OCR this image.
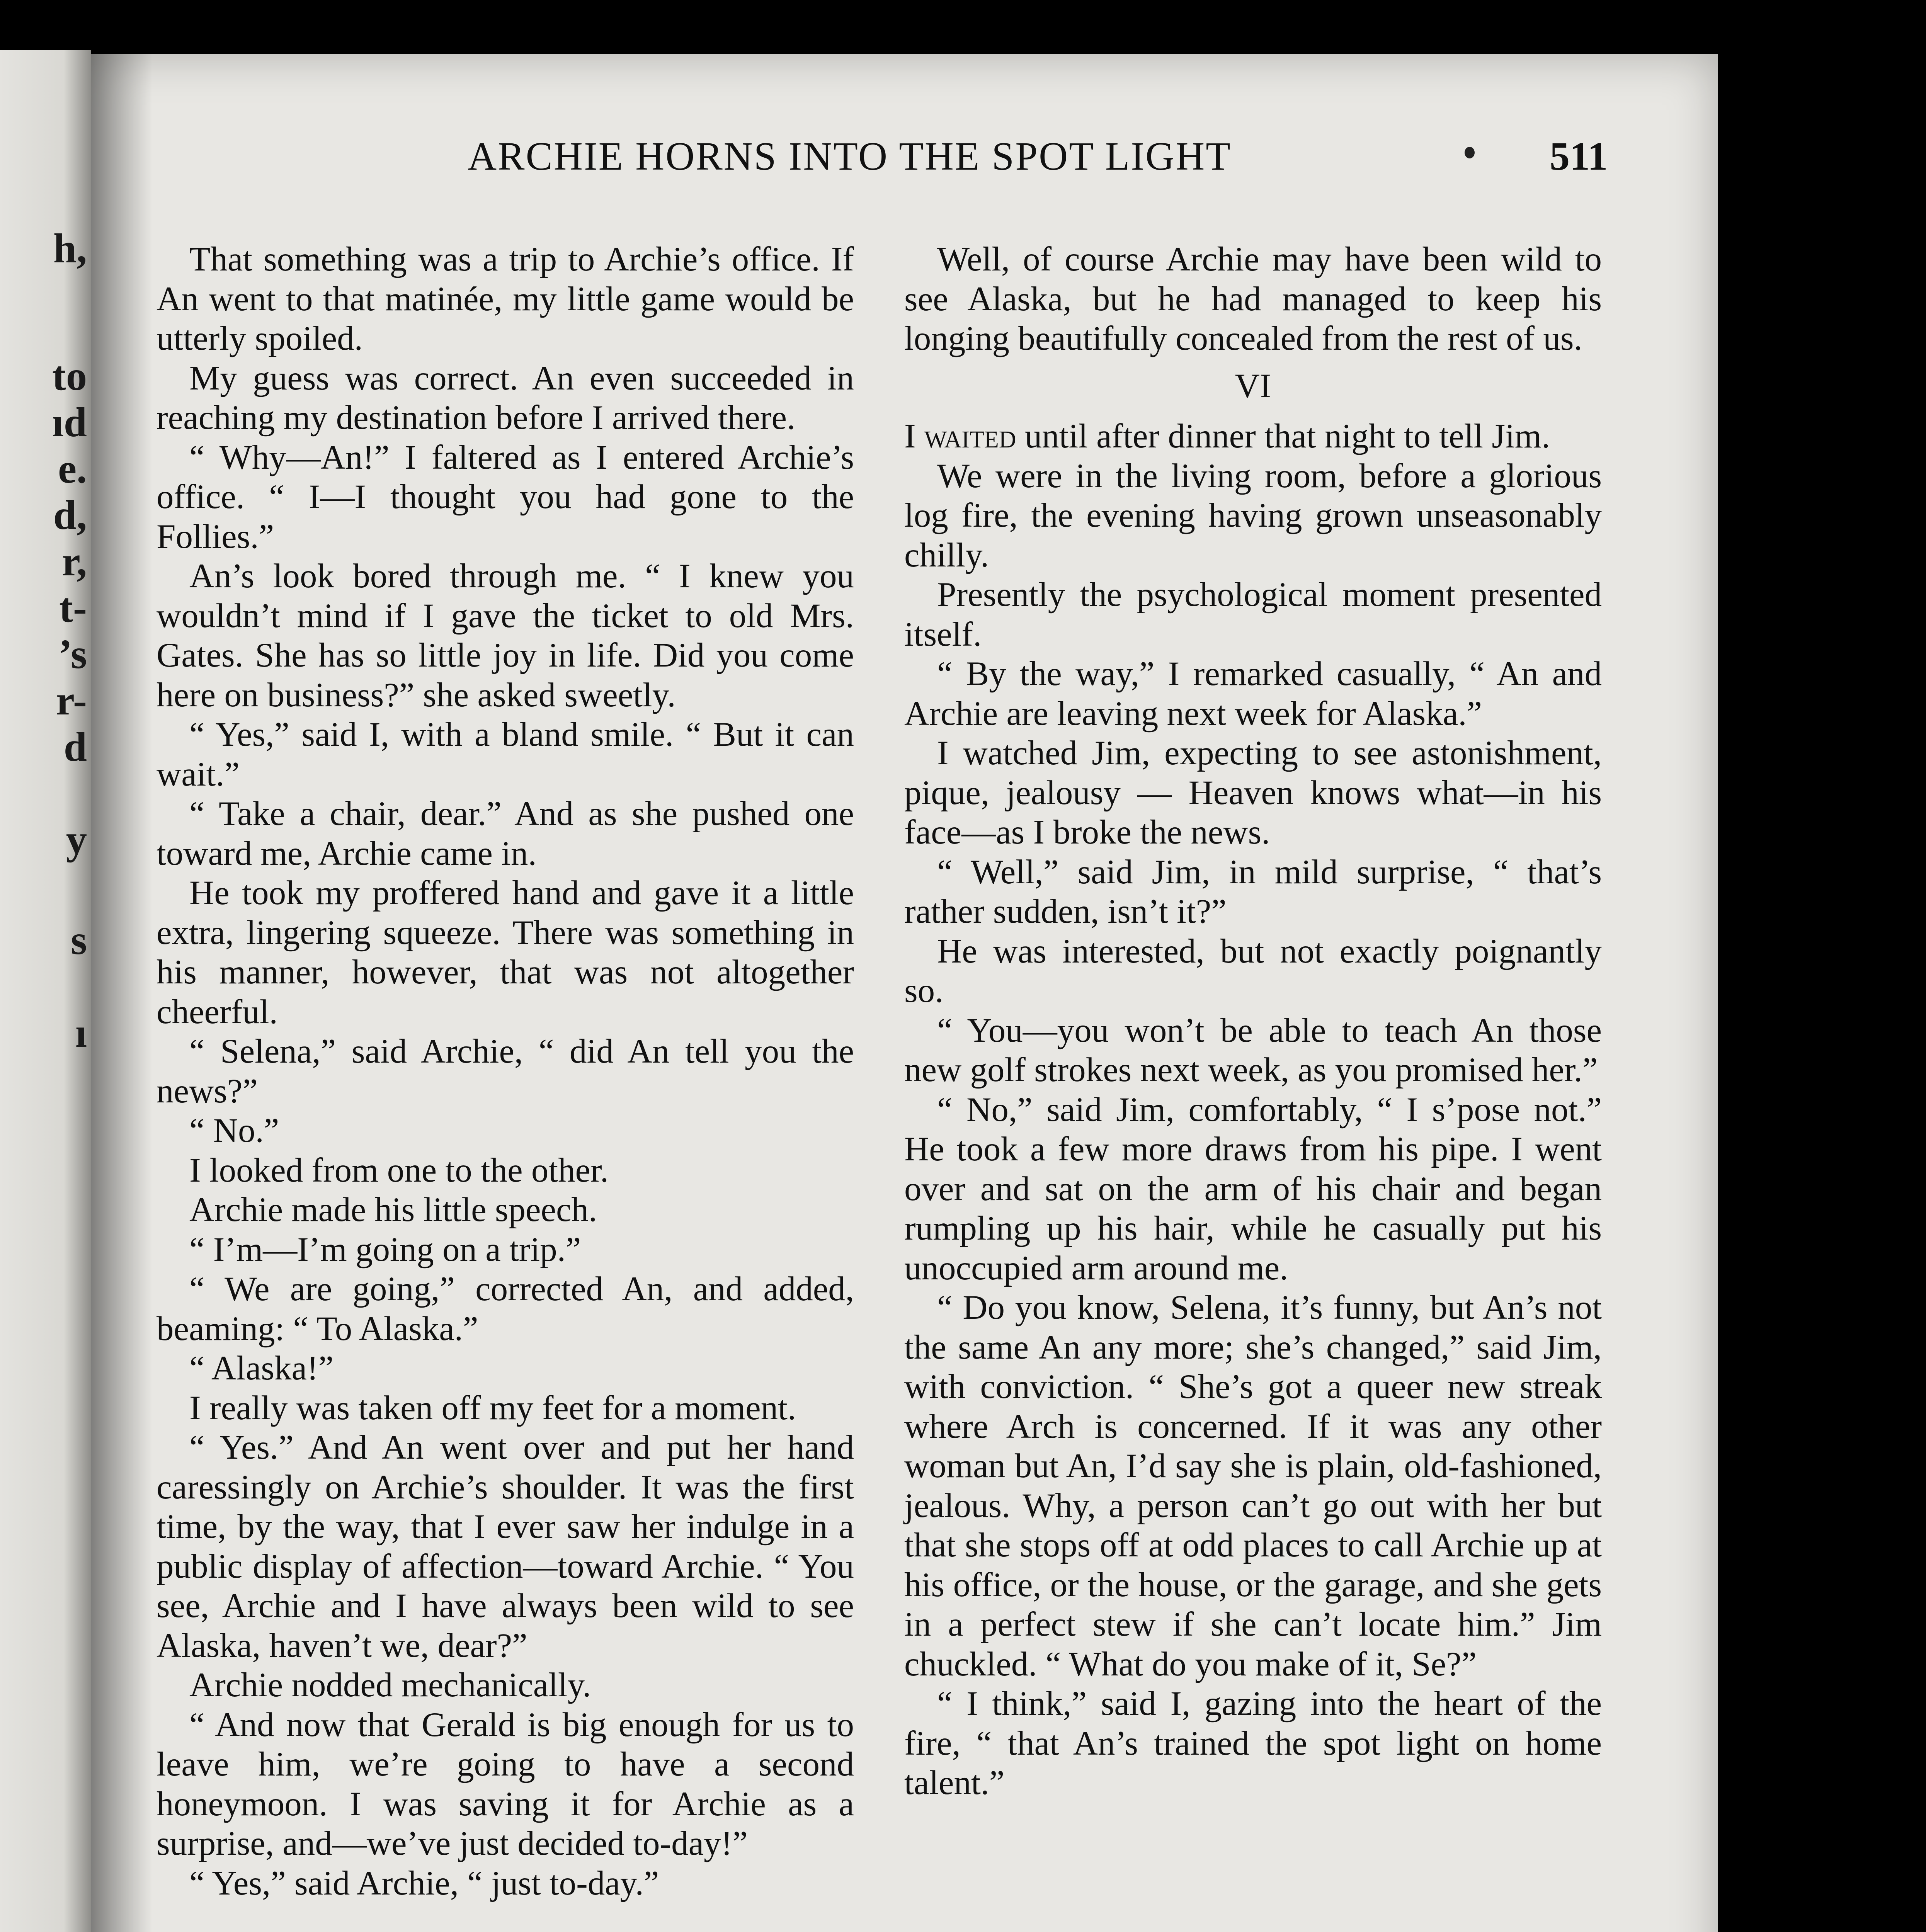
h,
to
ıd
e.
d,
r,
t-
’s
r-
d
y
s
ı
ARCHIE HORNS INTO THE SPOT LIGHT	511

That something was a trip to Archie’s office. If An went to that matinée, my little game would be utterly spoiled.

My guess was correct. An even succeeded in reaching my destination before I arrived there.

“ Why—An!” I faltered as I entered Archie’s office. “ I—I thought you had gone to the Follies.”

An’s look bored through me. “ I knew you wouldn’t mind if I gave the ticket to old Mrs. Gates. She has so little joy in life. Did you come here on business?” she asked sweetly.

“ Yes,” said I, with a bland smile. “ But it can wait.”

“ Take a chair, dear.” And as she pushed one toward me, Archie came in.

He took my proffered hand and gave it a little extra, lingering squeeze. There was something in his manner, however, that was not altogether cheerful.

“ Selena,” said Archie, “ did An tell you the news?”

“ No.”

I looked from one to the other.

Archie made his little speech.

“ I’m—I’m going on a trip.”

“ We are going,” corrected An, and added, beaming: “ To Alaska.”

“ Alaska!”

I really was taken off my feet for a moment.

“ Yes.” And An went over and put her hand caressingly on Archie’s shoulder. It was the first time, by the way, that I ever saw her indulge in a public display of affection—toward Archie. “ You see, Archie and I have always been wild to see Alaska, haven’t we, dear?”

Archie nodded mechanically.

“ And now that Gerald is big enough for us to leave him, we’re going to have a second honeymoon. I was saving it for Archie as a surprise, and—we’ve just decided to-day!”

“ Yes,” said Archie, “ just to-day.”

Well, of course Archie may have been wild to see Alaska, but he had managed to keep his longing beautifully concealed from the rest of us.

VI

I waited until after dinner that night to tell Jim.

We were in the living room, before a glorious log fire, the evening having grown unseasonably chilly.

Presently the psychological moment presented itself.

“ By the way,” I remarked casually, “ An and Archie are leaving next week for Alaska.”

I watched Jim, expecting to see astonishment, pique, jealousy — Heaven knows what—in his face—as I broke the news.

“ Well,” said Jim, in mild surprise, “ that’s rather sudden, isn’t it?”

He was interested, but not exactly poignantly so.

“ You—you won’t be able to teach An those new golf strokes next week, as you promised her.”

“ No,” said Jim, comfortably, “ I s’pose not.” He took a few more draws from his pipe. I went over and sat on the arm of his chair and began rumpling up his hair, while he casually put his unoccupied arm around me.

“ Do you know, Selena, it’s funny, but An’s not the same An any more; she’s changed,” said Jim, with conviction. “ She’s got a queer new streak where Arch is concerned. If it was any other woman but An, I’d say she is plain, old-fashioned, jealous. Why, a person can’t go out with her but that she stops off at odd places to call Archie up at his office, or the house, or the garage, and she gets in a perfect stew if she can’t locate him.” Jim chuckled. “ What do you make of it, Se?”

“ I think,” said I, gazing into the heart of the fire, “ that An’s trained the spot light on home talent.”
